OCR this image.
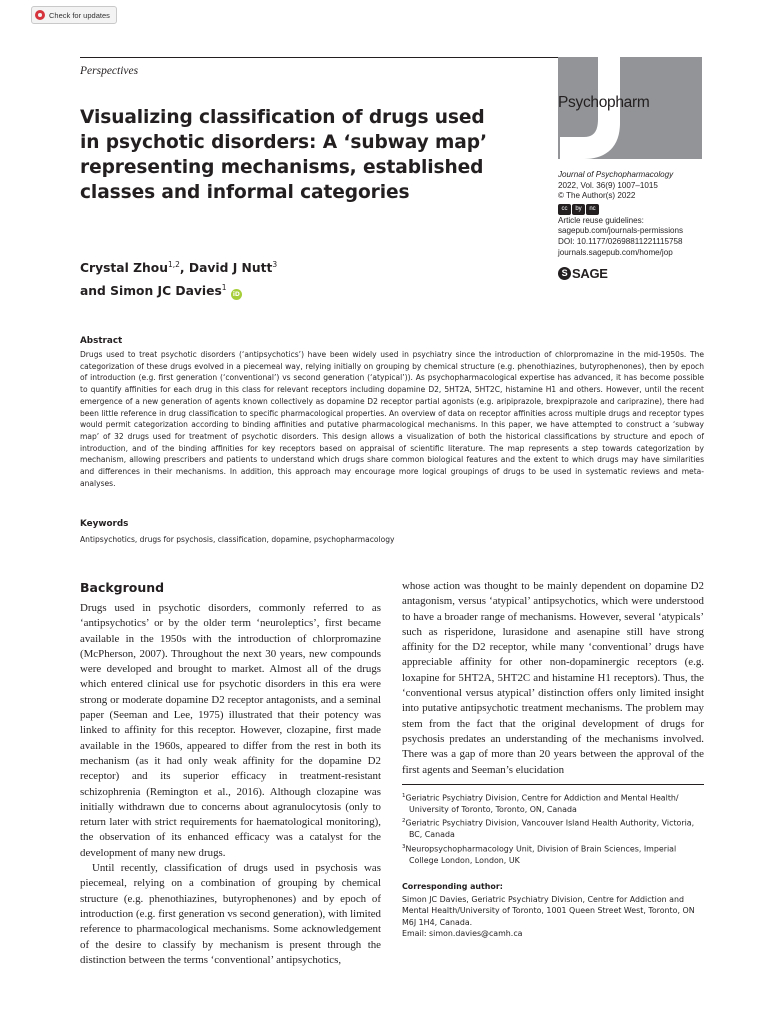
Check for updates
Perspectives
Visualizing classification of drugs used in psychotic disorders: A ‘subway map’ representing mechanisms, established classes and informal categories
Crystal Zhou$^{1,2}$, David J Nutt$^3$
and Simon JC Davies$^1$ iD
Psychopharm
Journal of Psychopharmacology
2022, Vol. 36(9) 1007–1015
© The Author(s) 2022
cc	by	nc
Article reuse guidelines:
sagepub.com/journals-permissions
DOI: 10.1177/02698811221115758
journals.sagepub.com/home/jop
S SAGE
Abstract
Drugs used to treat psychotic disorders (‘antipsychotics’) have been widely used in psychiatry since the introduction of chlorpromazine in the mid-1950s. The categorization of these drugs evolved in a piecemeal way, relying initially on grouping by chemical structure (e.g. phenothiazines, butyrophenones), then by epoch of introduction (e.g. first generation (‘conventional’) vs second generation (‘atypical’)). As psychopharmacological expertise has advanced, it has become possible to quantify affinities for each drug in this class for relevant receptors including dopamine D2, 5HT2A, 5HT2C, histamine H1 and others. However, until the recent emergence of a new generation of agents known collectively as dopamine D2 receptor partial agonists (e.g. aripiprazole, brexpiprazole and cariprazine), there had been little reference in drug classification to specific pharmacological properties. An overview of data on receptor affinities across multiple drugs and receptor types would permit categorization according to binding affinities and putative pharmacological mechanisms. In this paper, we have attempted to construct a ‘subway map’ of 32 drugs used for treatment of psychotic disorders. This design allows a visualization of both the historical classifications by structure and epoch of introduction, and of the binding affinities for key receptors based on appraisal of scientific literature. The map represents a step towards categorization by mechanism, allowing prescribers and patients to understand which drugs share common biological features and the extent to which drugs may have similarities and differences in their mechanisms. In addition, this approach may encourage more logical groupings of drugs to be used in systematic reviews and meta-analyses.
Keywords
Antipsychotics, drugs for psychosis, classification, dopamine, psychopharmacology
Background

Drugs used in psychotic disorders, commonly referred to as ‘antipsychotics’ or by the older term ‘neuroleptics’, first became available in the 1950s with the introduction of chlorpromazine (McPherson, 2007). Throughout the next 30 years, new compounds were developed and brought to market. Almost all of the drugs which entered clinical use for psychotic disorders in this era were strong or moderate dopamine D2 receptor antagonists, and a seminal paper (Seeman and Lee, 1975) illustrated that their potency was linked to affinity for this receptor. However, clozapine, first made available in the 1960s, appeared to differ from the rest in both its mechanism (as it had only weak affinity for the dopamine D2 receptor) and its superior efficacy in treatment-resistant schizophrenia (Remington et al., 2016). Although clozapine was initially withdrawn due to concerns about agranulocytosis (only to return later with strict requirements for haematological monitoring), the observation of its enhanced efficacy was a catalyst for the development of many new drugs.

Until recently, classification of drugs used in psychosis was piecemeal, relying on a combination of grouping by chemical structure (e.g. phenothiazines, butyrophenones) and by epoch of introduction (e.g. first generation vs second generation), with limited reference to pharmacological mechanisms. Some acknowledgement of the desire to classify by mechanism is present through the distinction between the terms ‘conventional’ antipsychotics,

whose action was thought to be mainly dependent on dopamine D2 antagonism, versus ‘atypical’ antipsychotics, which were understood to have a broader range of mechanisms. However, several ‘atypicals’ such as risperidone, lurasidone and asenapine still have strong affinity for the D2 receptor, while many ‘conventional’ drugs have appreciable affinity for other non-dopaminergic receptors (e.g. loxapine for 5HT2A, 5HT2C and histamine H1 receptors). Thus, the ‘conventional versus atypical’ distinction offers only limited insight into putative antipsychotic treatment mechanisms. The problem may stem from the fact that the original development of drugs for psychosis predates an understanding of the mechanisms involved. There was a gap of more than 20 years between the approval of the first agents and Seeman’s elucidation

$^1$Geriatric Psychiatry Division, Centre for Addiction and Mental Health/ University of Toronto, Toronto, ON, Canada
$^2$Geriatric Psychiatry Division, Vancouver Island Health Authority, Victoria, BC, Canada
$^3$Neuropsychopharmacology Unit, Division of Brain Sciences, Imperial College London, London, UK
Corresponding author:
Simon JC Davies, Geriatric Psychiatry Division, Centre for Addiction and Mental Health/University of Toronto, 1001 Queen Street West, Toronto, ON M6J 1H4, Canada.
Email: simon.davies@camh.ca
